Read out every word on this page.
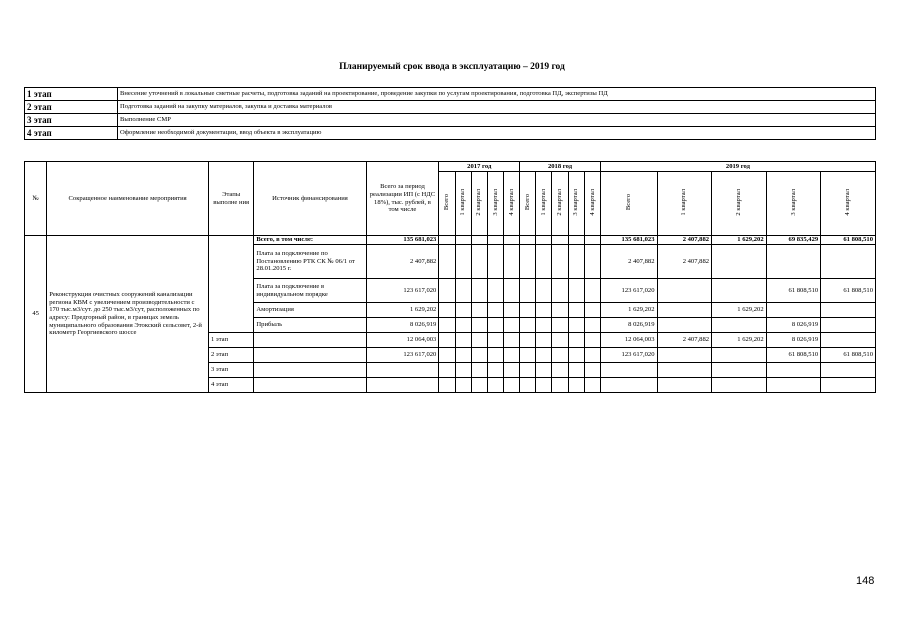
Планируемый срок ввода в эксплуатацию – 2019 год
1 этап	Внесение уточнений в локальные сметные расчеты, подготовка заданий на проектирование, проведение закупки по услугам проектирования, подготовка ПД, экспертизы ПД
2 этап	Подготовка заданий на закупку материалов, закупка и доставка материалов
3 этап	Выполнение СМР
4 этап	Оформление необходимой документации, ввод объекта в эксплуатацию
№	Сокращенное наименование мероприятия	Этапы выполне ния	Источник финансирования	Всего за период реализации ИП (с НДС 18%), тыс. рублей, в том числе	2017 год					2018 год					2019 год				
					Всего	1 квартал	2 квартал	3 квартал	4 квартал	Всего	1 квартал	2 квартал	3 квартал	4 квартал	Всего	1 квартал	2 квартал	3 квартал	4 квартал
45	Реконструкция очистных сооружений канализации региона КВМ с увеличением производительности с 170 тыс.м3/сут. до 250 тыс.м3/сут, расположенных по адресу: Предгорный район, в границах земель муниципального образования Этокский сельсовет, 2-й километр Георгиевского шоссе		Всего, в том числе:	135 681,023											135 681,023	2 407,882	1 629,202	69 835,429	61 808,510
			Плата за подключение по Постановлению РТК СК № 06/1 от 28.01.2015 г.	2 407,882											2 407,882	2 407,882			
			Плата за подключение в индивидуальном порядке	123 617,020											123 617,020			61 808,510	61 808,510
			Амортизация	1 629,202											1 629,202		1 629,202		
			Прибыль	8 026,919											8 026,919			8 026,919	
		1 этап		12 064,003											12 064,003	2 407,882	1 629,202	8 026,919	
		2 этап		123 617,020											123 617,020			61 808,510	61 808,510
		3 этап																	
		4 этап																	
148
